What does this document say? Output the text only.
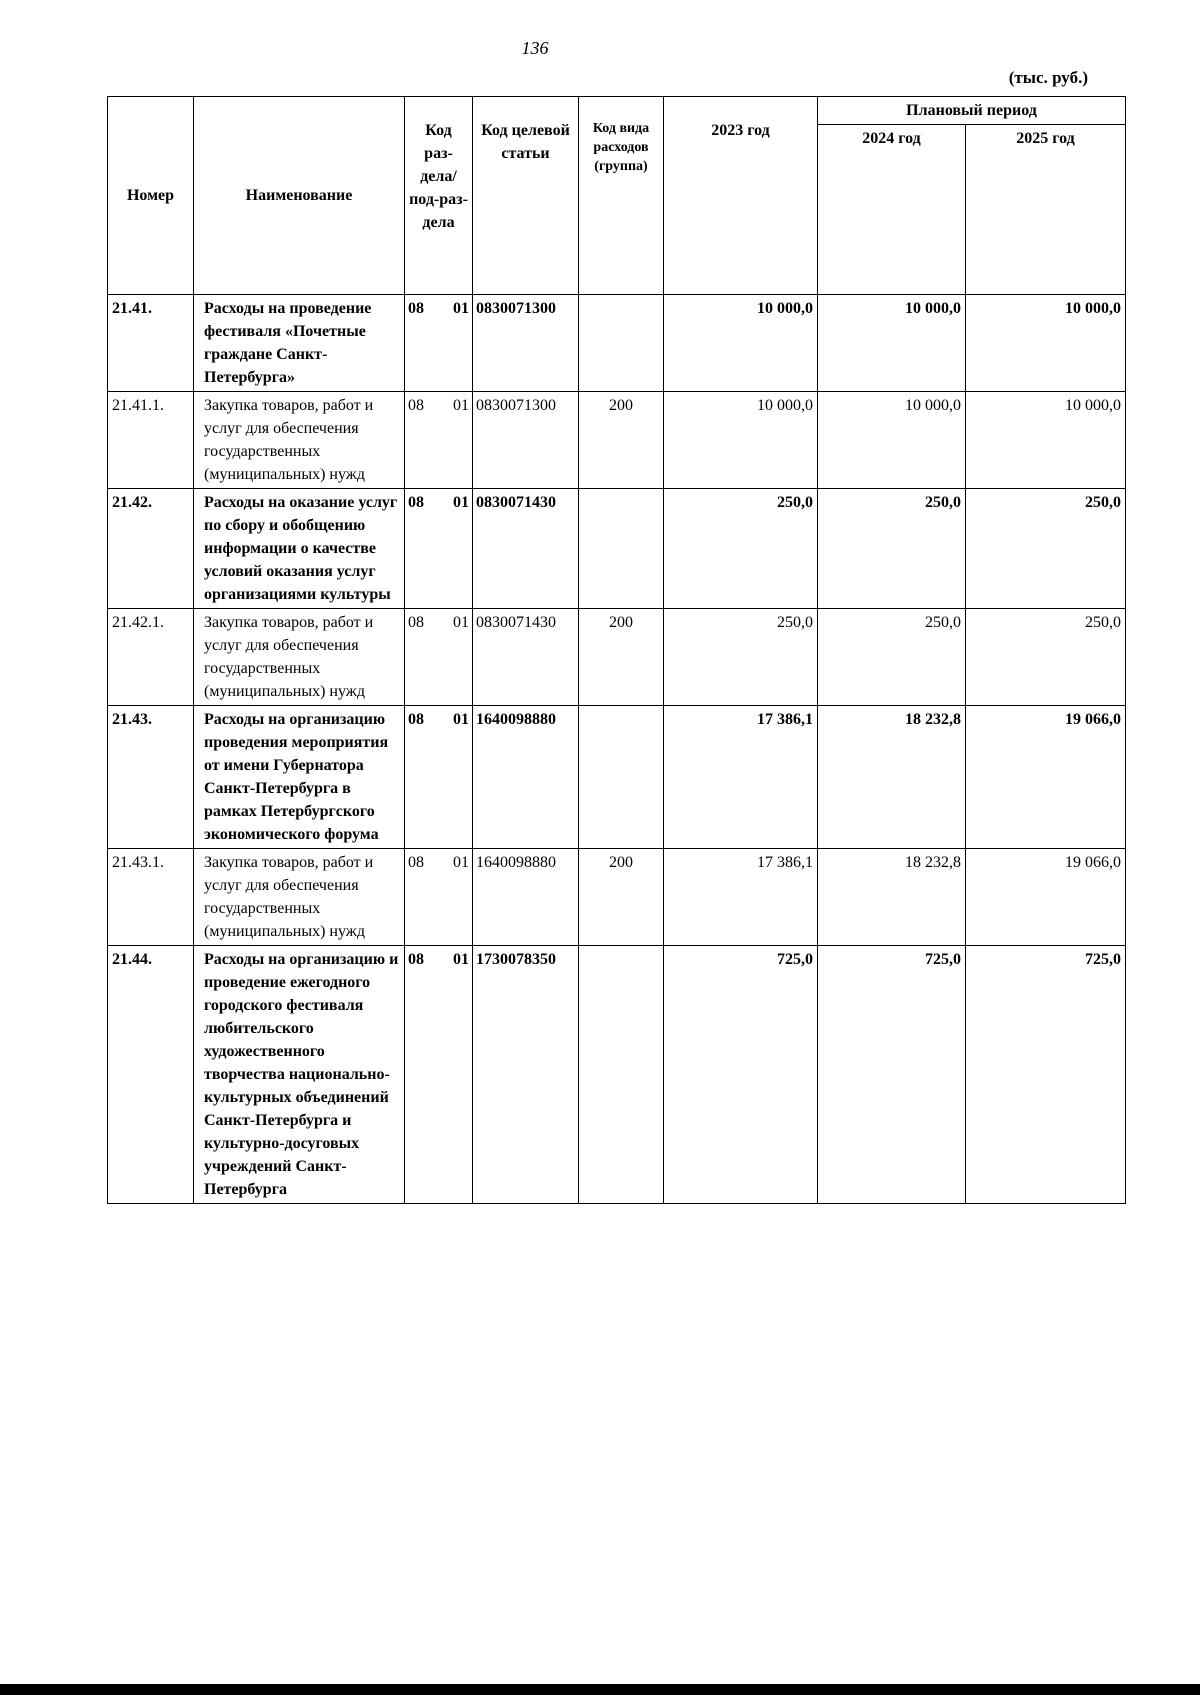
136
(тыс. руб.)
Номер	Наименование	Код раз-дела/ под-раз-дела	Код целевой статьи	Код вида расходов (группа)	2023 год	Плановый период	
						2024 год	2025 год
21.41.	Расходы на проведение фестиваля «Почетные граждане Санкт-Петербурга»	08 01	0830071300		10 000,0	10 000,0	10 000,0
21.41.1.	Закупка товаров, работ и услуг для обеспечения государственных (муниципальных) нужд	08 01	0830071300	200	10 000,0	10 000,0	10 000,0
21.42.	Расходы на оказание услуг по сбору и обобщению информации о качестве условий оказания услуг организациями культуры	08 01	0830071430		250,0	250,0	250,0
21.42.1.	Закупка товаров, работ и услуг для обеспечения государственных (муниципальных) нужд	08 01	0830071430	200	250,0	250,0	250,0
21.43.	Расходы на организацию проведения мероприятия от имени Губернатора Санкт-Петербурга в рамках Петербургского экономического форума	08 01	1640098880		17 386,1	18 232,8	19 066,0
21.43.1.	Закупка товаров, работ и услуг для обеспечения государственных (муниципальных) нужд	08 01	1640098880	200	17 386,1	18 232,8	19 066,0
21.44.	Расходы на организацию и проведение ежегодного городского фестиваля любительского художественного творчества национально-культурных объединений Санкт-Петербурга и культурно-досуговых учреждений Санкт-Петербурга	08 01	1730078350		725,0	725,0	725,0
